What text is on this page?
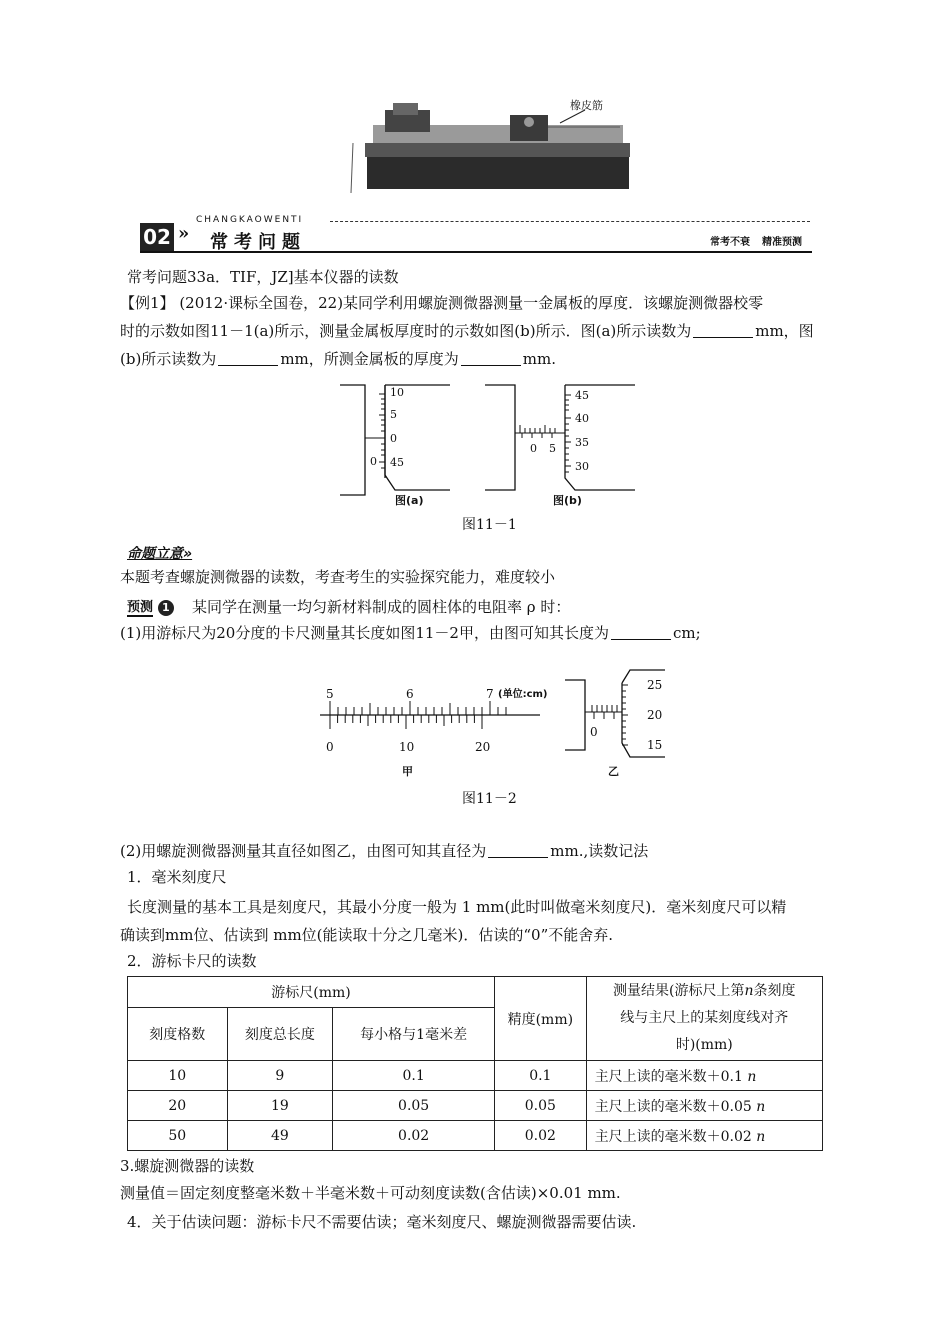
橡皮筋
02 »
CHANGKAOWENTI
常考问题	常考不衰 精准预测

常考问题33a．TIF，JZ]基本仪器的读数

【例1】 (2012·课标全国卷，22)某同学利用螺旋测微器测量一金属板的厚度．该螺旋测微器校零

时的示数如图11－1(a)所示，测量金属板厚度时的示数如图(b)所示．图(a)所示读数为	mm，图

(b)所示读数为	mm，所测金属板的厚度为	mm.

10
5
0
45
0
图(a)
45
40
35
30
0 5
图(b)
图11－1
命题立意»

本题考查螺旋测微器的读数，考查考生的实验探究能力，难度较小

预测 1 某同学在测量一均匀新材料制成的圆柱体的电阻率 ρ 时：

(1)用游标尺为20分度的卡尺测量其长度如图11－2甲，由图可知其长度为	cm;

5	6	7 (单位:cm)
0	10	20
甲
25
20
15
0
乙
图11－2

(2)用螺旋测微器测量其直径如图乙，由图可知其直径为	mm.,读数记法

1．毫米刻度尺

长度测量的基本工具是刻度尺，其最小分度一般为 1 mm(此时叫做毫米刻度尺)．毫米刻度尺可以精

确读到mm位、估读到 mm位(能读取十分之几毫米)．估读的“0”不能舍弃.

2．游标卡尺的读数

游标尺(mm)			精度(mm)	测量结果(游标尺上第n条刻度
线与主尺上的某刻度线对齐
时)(mm)
刻度格数	刻度总长度	每小格与1毫米差		
10	9	0.1	0.1	主尺上读的毫米数＋0.1 n
20	19	0.05	0.05	主尺上读的毫米数＋0.05 n
50	49	0.02	0.02	主尺上读的毫米数＋0.02 n

3.螺旋测微器的读数

测量值＝固定刻度整毫米数＋半毫米数＋可动刻度读数(含估读)×0.01 mm.

4．关于估读问题：游标卡尺不需要估读；毫米刻度尺、螺旋测微器需要估读.
